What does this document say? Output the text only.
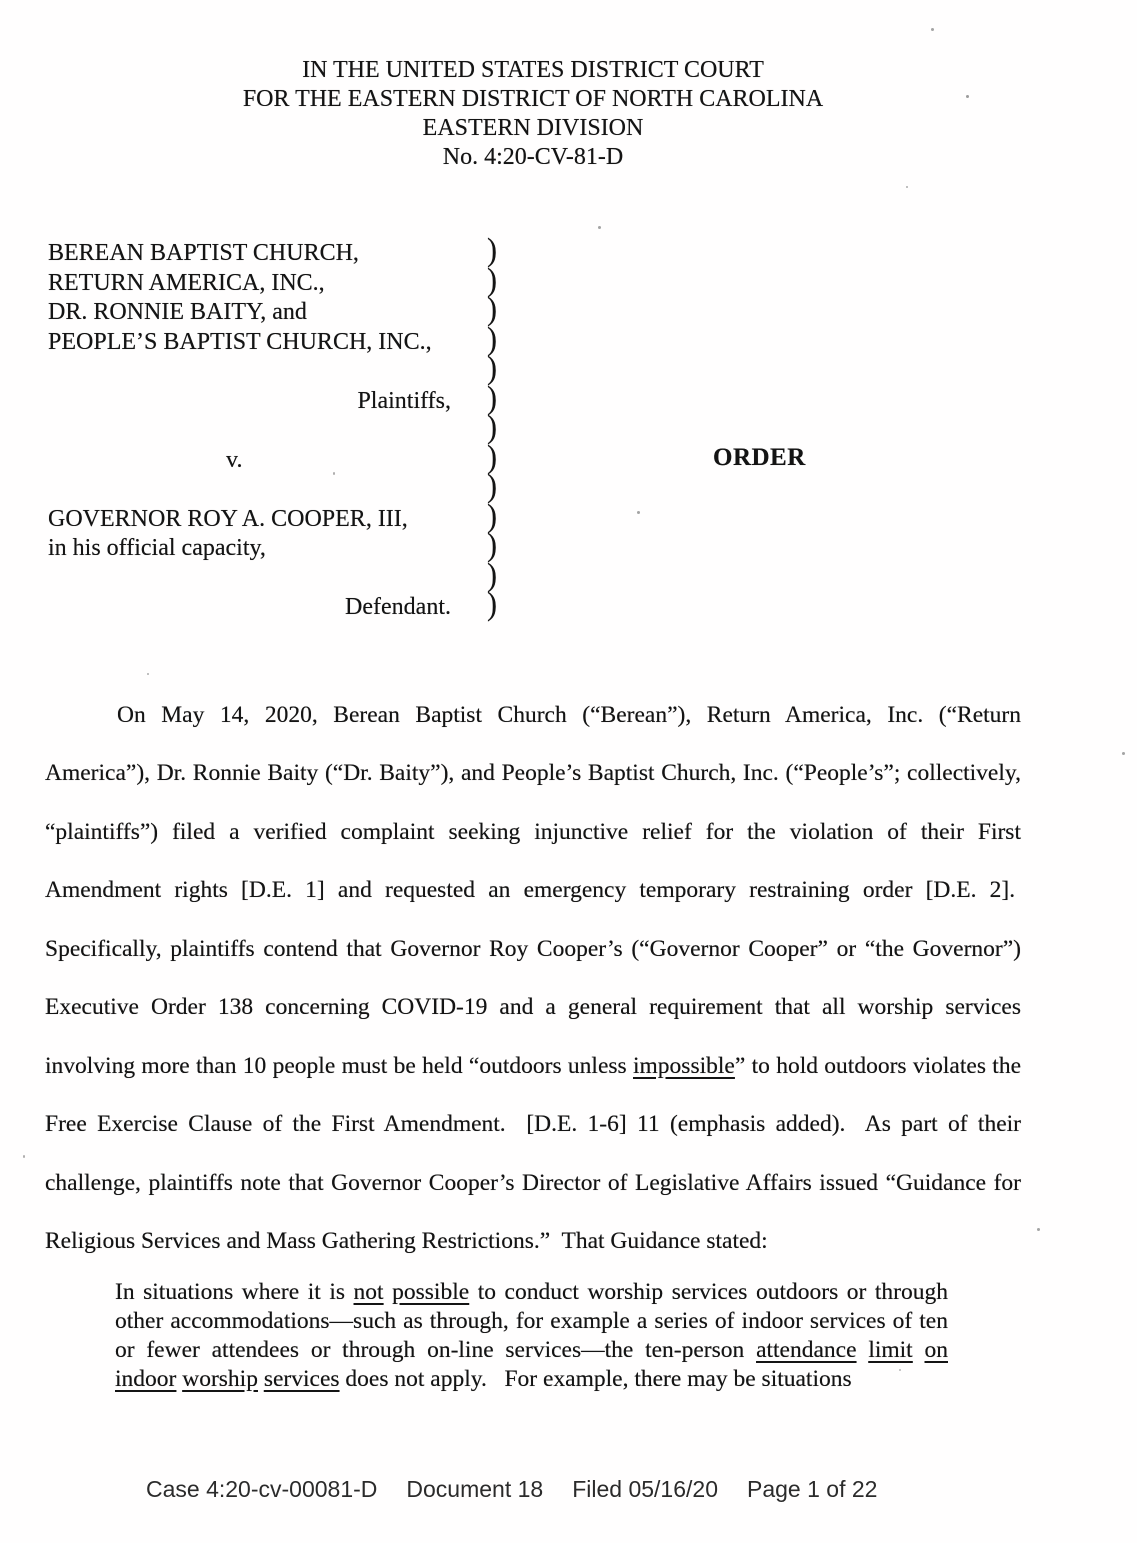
IN THE UNITED STATES DISTRICT COURT
FOR THE EASTERN DISTRICT OF NORTH CAROLINA
EASTERN DIVISION
No. 4:20-CV-81-D
BEREAN BAPTIST CHURCH,	)
RETURN AMERICA, INC.,	)
DR. RONNIE BAITY, and	)
PEOPLE’S BAPTIST CHURCH, INC.,	)
)
Plaintiffs, )
)
v.	)	ORDER
)
GOVERNOR ROY A. COOPER, III,	)
in his official capacity,	)
)
Defendant. )

On May 14, 2020, Berean Baptist Church (“Berean”), Return America, Inc. (“Return America”), Dr. Ronnie Baity (“Dr. Baity”), and People’s Baptist Church, Inc. (“People’s”; collectively, “plaintiffs”) filed a verified complaint seeking injunctive relief for the violation of their First Amendment rights [D.E. 1] and requested an emergency temporary restraining order [D.E. 2].  Specifically, plaintiffs contend that Governor Roy Cooper’s (“Governor Cooper” or “the Governor”) Executive Order 138 concerning COVID-19 and a general requirement that all worship services involving more than 10 people must be held “outdoors unless impossible” to hold outdoors violates the Free Exercise Clause of the First Amendment.  [D.E. 1-6] 11 (emphasis added).  As part of their challenge, plaintiffs note that Governor Cooper’s Director of Legislative Affairs issued “Guidance for Religious Services and Mass Gathering Restrictions.”  That Guidance stated:

In situations where it is not possible to conduct worship services outdoors or through other accommodations—such as through, for example a series of indoor services of ten or fewer attendees or through on-line services—the ten-person attendance limit on indoor worship services does not apply.   For example, there may be situations

Case 4:20-cv-00081-D Document 18 Filed 05/16/20 Page 1 of 22
